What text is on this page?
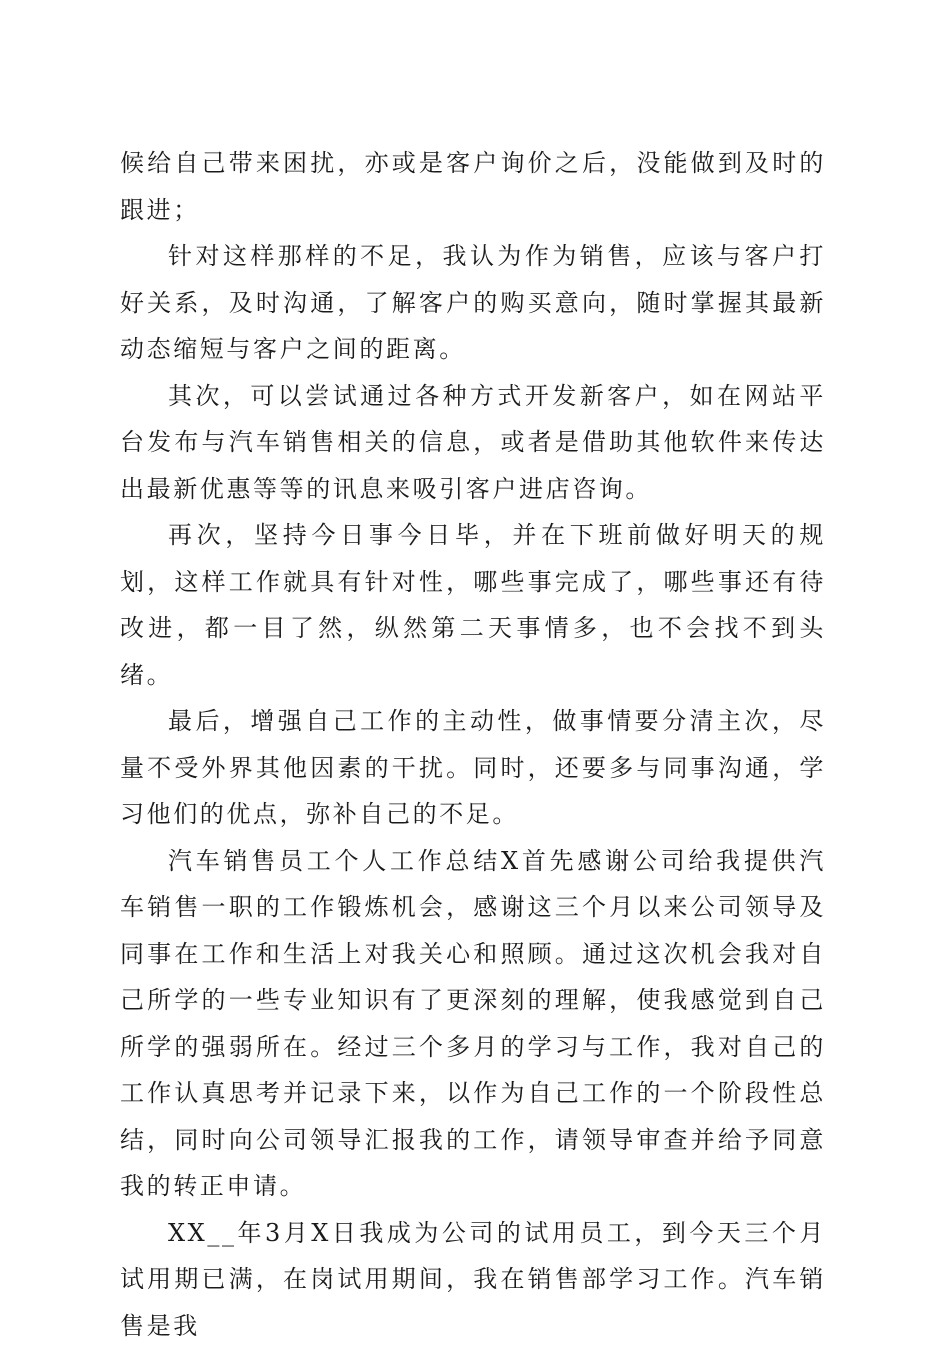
候给自己带来困扰，亦或是客户询价之后，没能做到及时的跟进；

针对这样那样的不足，我认为作为销售，应该与客户打好关系，及时沟通，了解客户的购买意向，随时掌握其最新动态缩短与客户之间的距离。

其次，可以尝试通过各种方式开发新客户，如在网站平台发布与汽车销售相关的信息，或者是借助其他软件来传达出最新优惠等等的讯息来吸引客户进店咨询。

再次，坚持今日事今日毕，并在下班前做好明天的规划，这样工作就具有针对性，哪些事完成了，哪些事还有待改进，都一目了然，纵然第二天事情多，也不会找不到头绪。

最后，增强自己工作的主动性，做事情要分清主次，尽量不受外界其他因素的干扰。同时，还要多与同事沟通，学习他们的优点，弥补自己的不足。

汽车销售员工个人工作总结X首先感谢公司给我提供汽车销售一职的工作锻炼机会，感谢这三个月以来公司领导及同事在工作和生活上对我关心和照顾。通过这次机会我对自己所学的一些专业知识有了更深刻的理解，使我感觉到自己所学的强弱所在。经过三个多月的学习与工作，我对自己的工作认真思考并记录下来，以作为自己工作的一个阶段性总结，同时向公司领导汇报我的工作，请领导审查并给予同意我的转正申请。

XX__年3月X日我成为公司的试用员工，到今天三个月试用期已满，在岗试用期间，我在销售部学习工作。汽车销售是我
